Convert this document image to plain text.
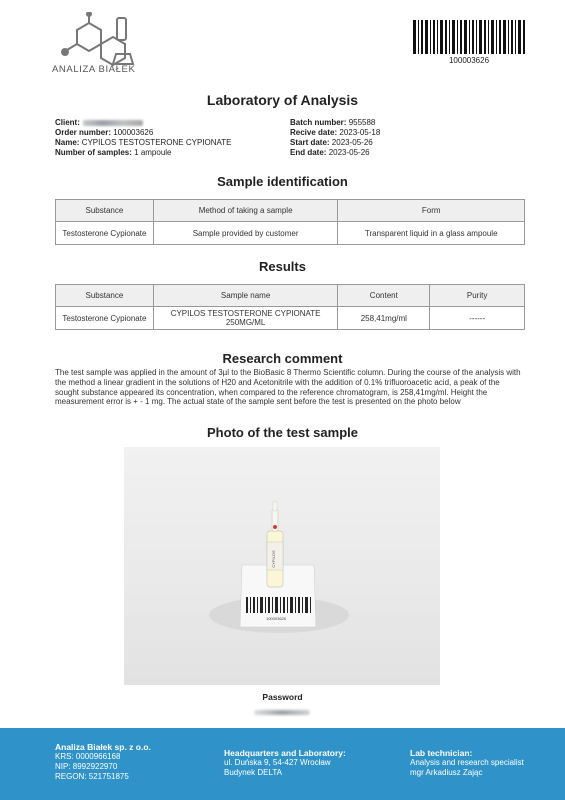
ANALIZA BIAŁEK
100003626
Laboratory of Analysis
Client:
Order number: 100003626
Name: CYPILOS TESTOSTERONE CYPIONATE
Number of samples: 1 ampoule
Batch number: 955588
Recive date: 2023-05-18
Start date: 2023-05-26
End date: 2023-05-26
Sample identification
Substance	Method of taking a sample	Form
Testosterone Cypionate	Sample provided by customer	Transparent liquid in a glass ampoule
Results
Substance	Sample name	Content	Purity
Testosterone Cypionate	CYPILOS TESTOSTERONE CYPIONATE 250MG/ML	258,41mg/ml	------
Research comment
The test sample was applied in the amount of 3µl to the BioBasic 8 Thermo Scientific column. During the course of the analysis with the method a linear gradient in the solutions of H20 and Acetonitrile with the addition of 0.1% trifluoroacetic acid, a peak of the sought substance appeared its concentration, when compared to the reference chromatogram, is 258,41mg/ml. Height the measurement error is + - 1 mg. The actual state of the sample sent before the test is presented on the photo below
Photo of the test sample
100003626
CYPILOS
Password
Analiza Białek sp. z o.o.
KRS: 0000966168
NIP: 8992922970
REGON: 521751875
Headquarters and Laboratory:
ul. Duńska 9, 54-427 Wrocław
Budynek DELTA
Lab technician:
Analysis and research specialist
mgr Arkadiusz Zając
